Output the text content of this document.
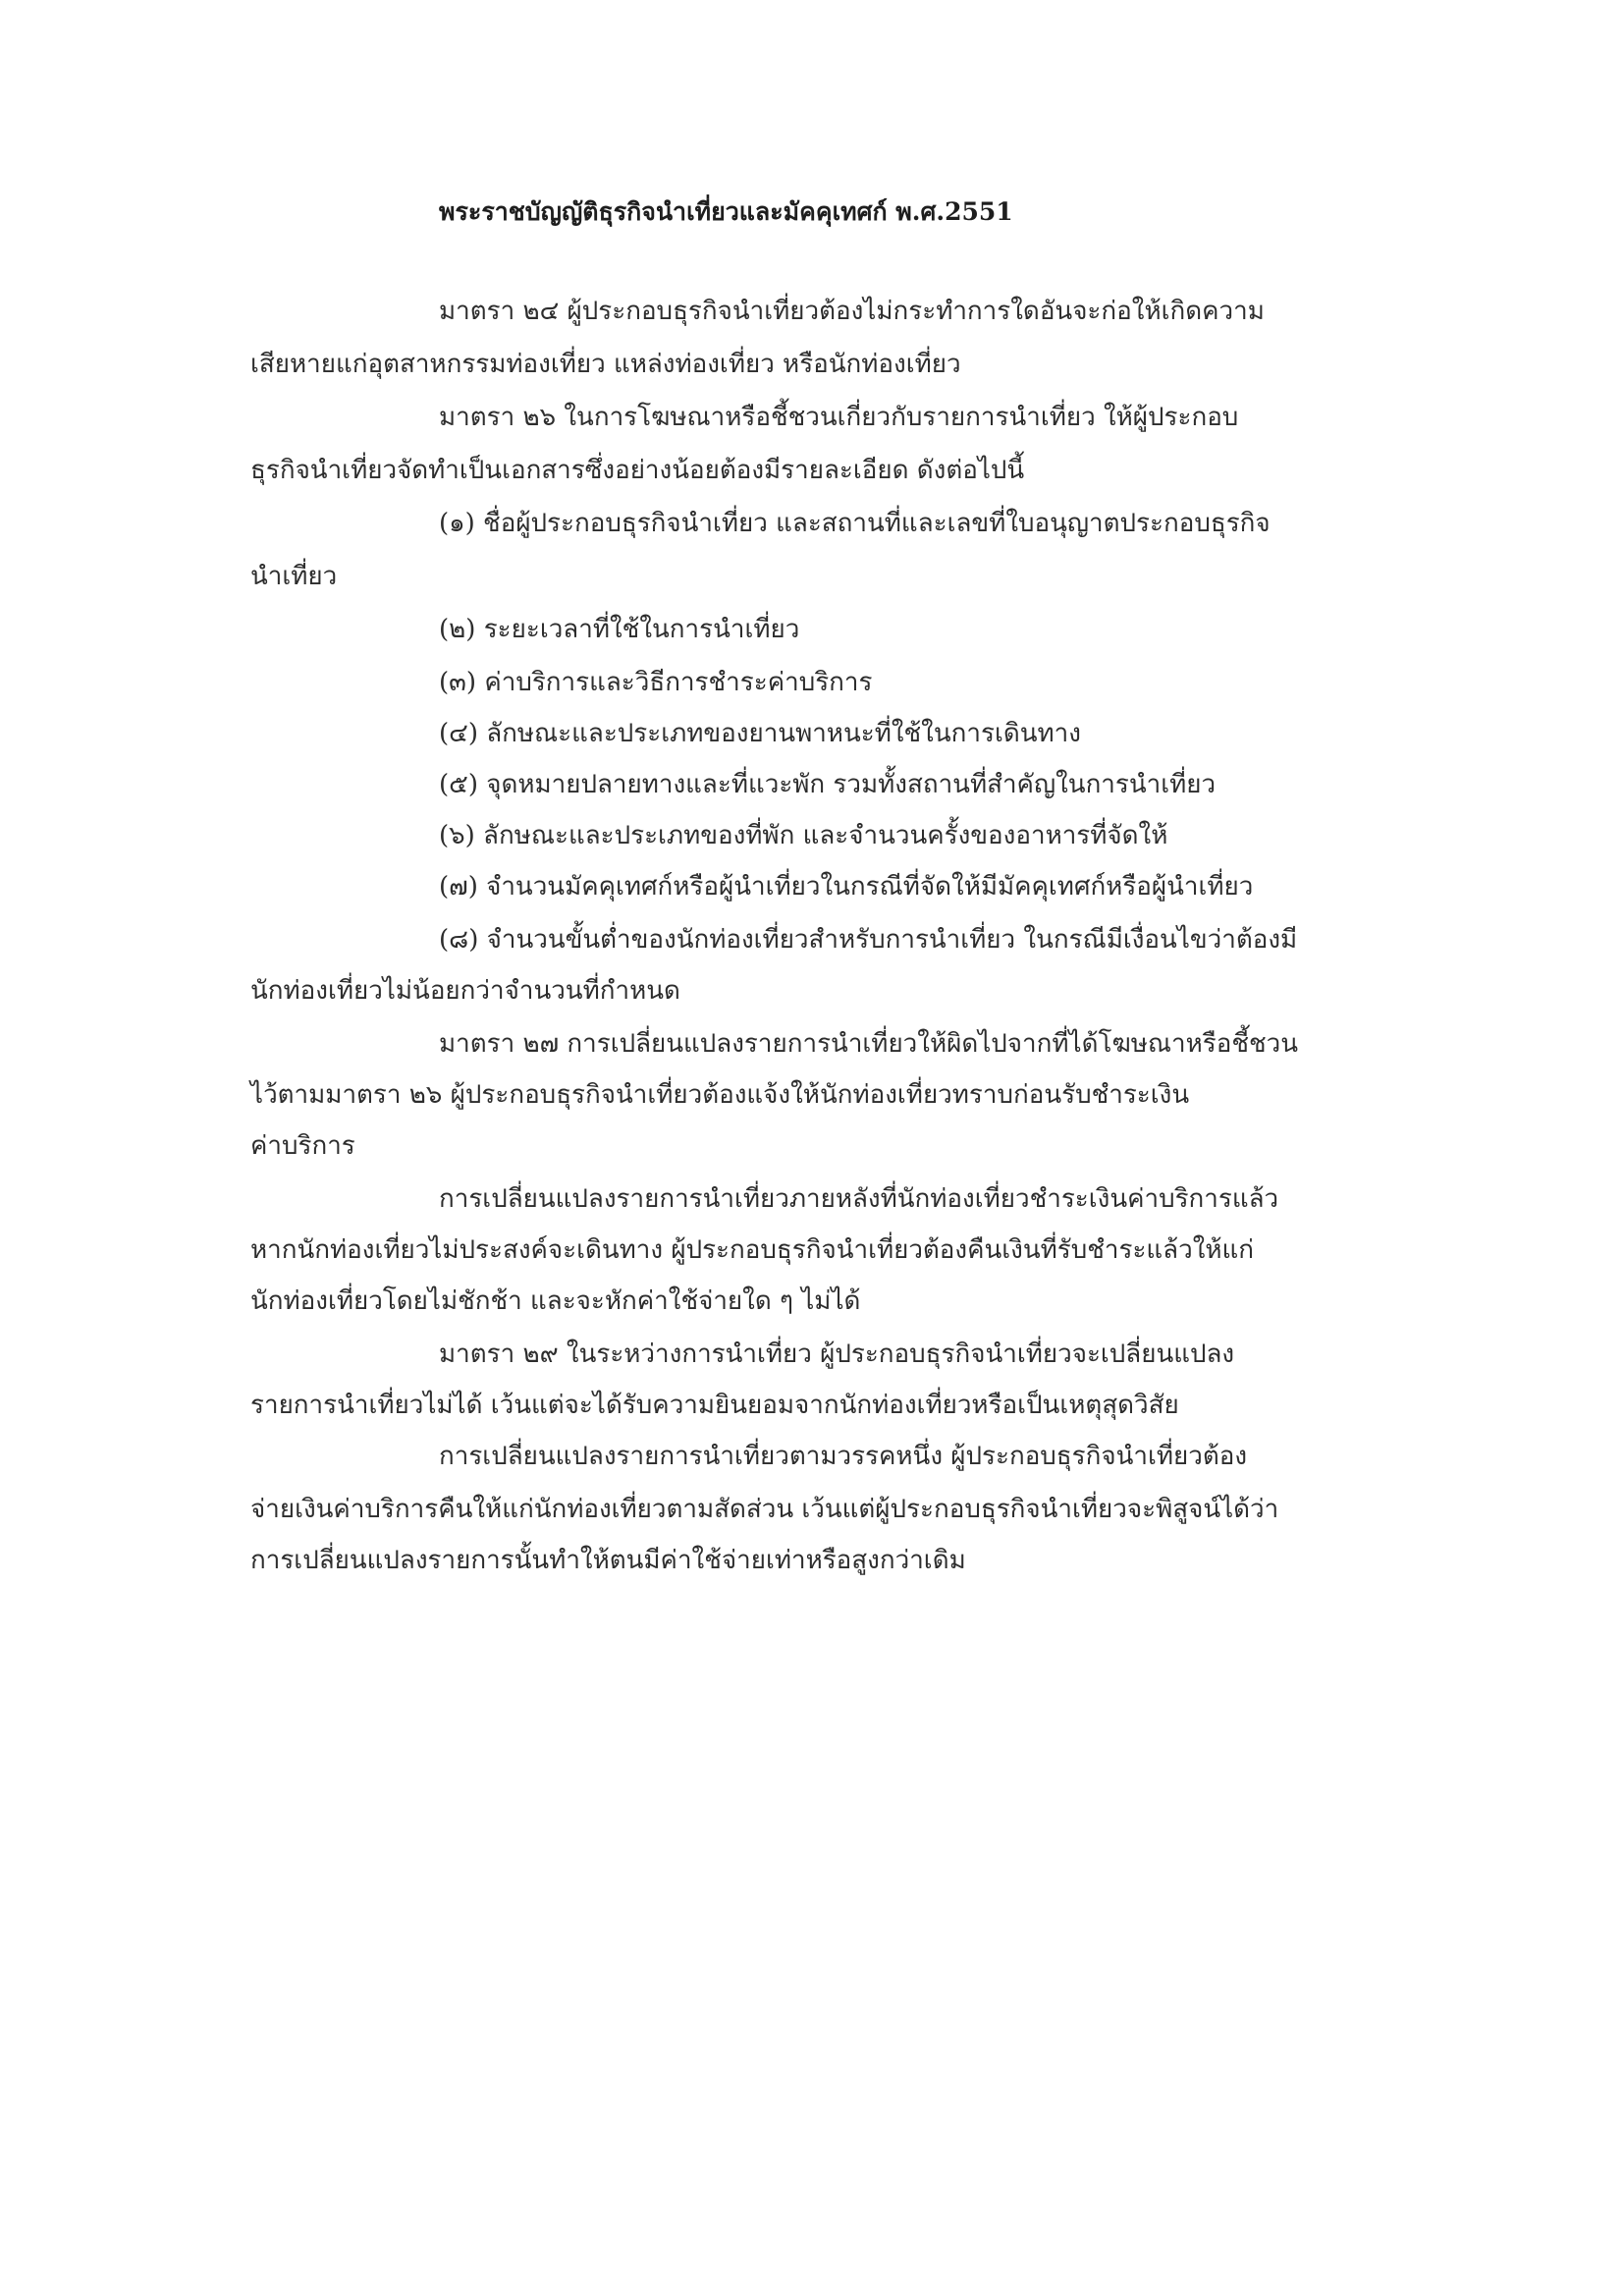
พระราชบัญญัติธุรกิจนำเที่ยวและมัคคุเทศก์ พ.ศ.2551
มาตรา ๒๔ ผู้ประกอบธุรกิจนำเที่ยวต้องไม่กระทำการใดอันจะก่อให้เกิดความ
เสียหายแก่อุตสาหกรรมท่องเที่ยว แหล่งท่องเที่ยว หรือนักท่องเที่ยว
มาตรา ๒๖ ในการโฆษณาหรือชี้ชวนเกี่ยวกับรายการนำเที่ยว ให้ผู้ประกอบ
ธุรกิจนำเที่ยวจัดทำเป็นเอกสารซึ่งอย่างน้อยต้องมีรายละเอียด ดังต่อไปนี้
(๑) ชื่อผู้ประกอบธุรกิจนำเที่ยว และสถานที่และเลขที่ใบอนุญาตประกอบธุรกิจ
นำเที่ยว
(๒) ระยะเวลาที่ใช้ในการนำเที่ยว
(๓) ค่าบริการและวิธีการชำระค่าบริการ
(๔) ลักษณะและประเภทของยานพาหนะที่ใช้ในการเดินทาง
(๕) จุดหมายปลายทางและที่แวะพัก รวมทั้งสถานที่สำคัญในการนำเที่ยว
(๖) ลักษณะและประเภทของที่พัก และจำนวนครั้งของอาหารที่จัดให้
(๗) จำนวนมัคคุเทศก์หรือผู้นำเที่ยวในกรณีที่จัดให้มีมัคคุเทศก์หรือผู้นำเที่ยว
(๘) จำนวนขั้นต่ำของนักท่องเที่ยวสำหรับการนำเที่ยว ในกรณีมีเงื่อนไขว่าต้องมี
นักท่องเที่ยวไม่น้อยกว่าจำนวนที่กำหนด
มาตรา ๒๗ การเปลี่ยนแปลงรายการนำเที่ยวให้ผิดไปจากที่ได้โฆษณาหรือชี้ชวน
ไว้ตามมาตรา ๒๖ ผู้ประกอบธุรกิจนำเที่ยวต้องแจ้งให้นักท่องเที่ยวทราบก่อนรับชำระเงิน
ค่าบริการ
การเปลี่ยนแปลงรายการนำเที่ยวภายหลังที่นักท่องเที่ยวชำระเงินค่าบริการแล้ว
หากนักท่องเที่ยวไม่ประสงค์จะเดินทาง ผู้ประกอบธุรกิจนำเที่ยวต้องคืนเงินที่รับชำระแล้วให้แก่
นักท่องเที่ยวโดยไม่ชักช้า และจะหักค่าใช้จ่ายใด ๆ ไม่ได้
มาตรา ๒๙ ในระหว่างการนำเที่ยว ผู้ประกอบธุรกิจนำเที่ยวจะเปลี่ยนแปลง
รายการนำเที่ยวไม่ได้ เว้นแต่จะได้รับความยินยอมจากนักท่องเที่ยวหรือเป็นเหตุสุดวิสัย
การเปลี่ยนแปลงรายการนำเที่ยวตามวรรคหนึ่ง ผู้ประกอบธุรกิจนำเที่ยวต้อง
จ่ายเงินค่าบริการคืนให้แก่นักท่องเที่ยวตามสัดส่วน เว้นแต่ผู้ประกอบธุรกิจนำเที่ยวจะพิสูจน์ได้ว่า
การเปลี่ยนแปลงรายการนั้นทำให้ตนมีค่าใช้จ่ายเท่าหรือสูงกว่าเดิม
